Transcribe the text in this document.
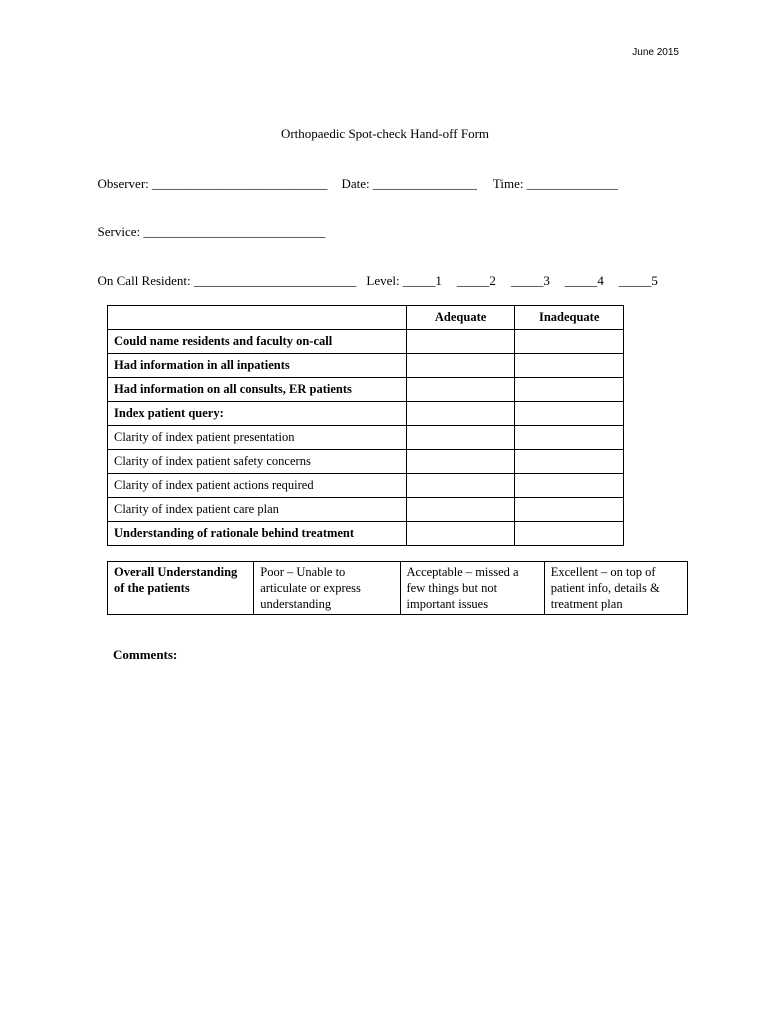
June 2015
Orthopaedic Spot-check Hand-off Form

Observer: ___________________________ Date: ________________ Time: ______________

Service: ____________________________

On Call Resident: _________________________ Level: _____1 _____2 _____3 _____4 _____5

	Adequate	Inadequate
Could name residents and faculty on-call		
Had information in all inpatients		
Had information on all consults, ER patients		
Index patient query:		
Clarity of index patient presentation		
Clarity of index patient safety concerns		
Clarity of index patient actions required		
Clarity of index patient care plan		
Understanding of rationale behind treatment		
Overall Understanding of the patients	Poor – Unable to articulate or express understanding	Acceptable – missed a few things but not important issues	Excellent – on top of patient info, details & treatment plan
Comments:
